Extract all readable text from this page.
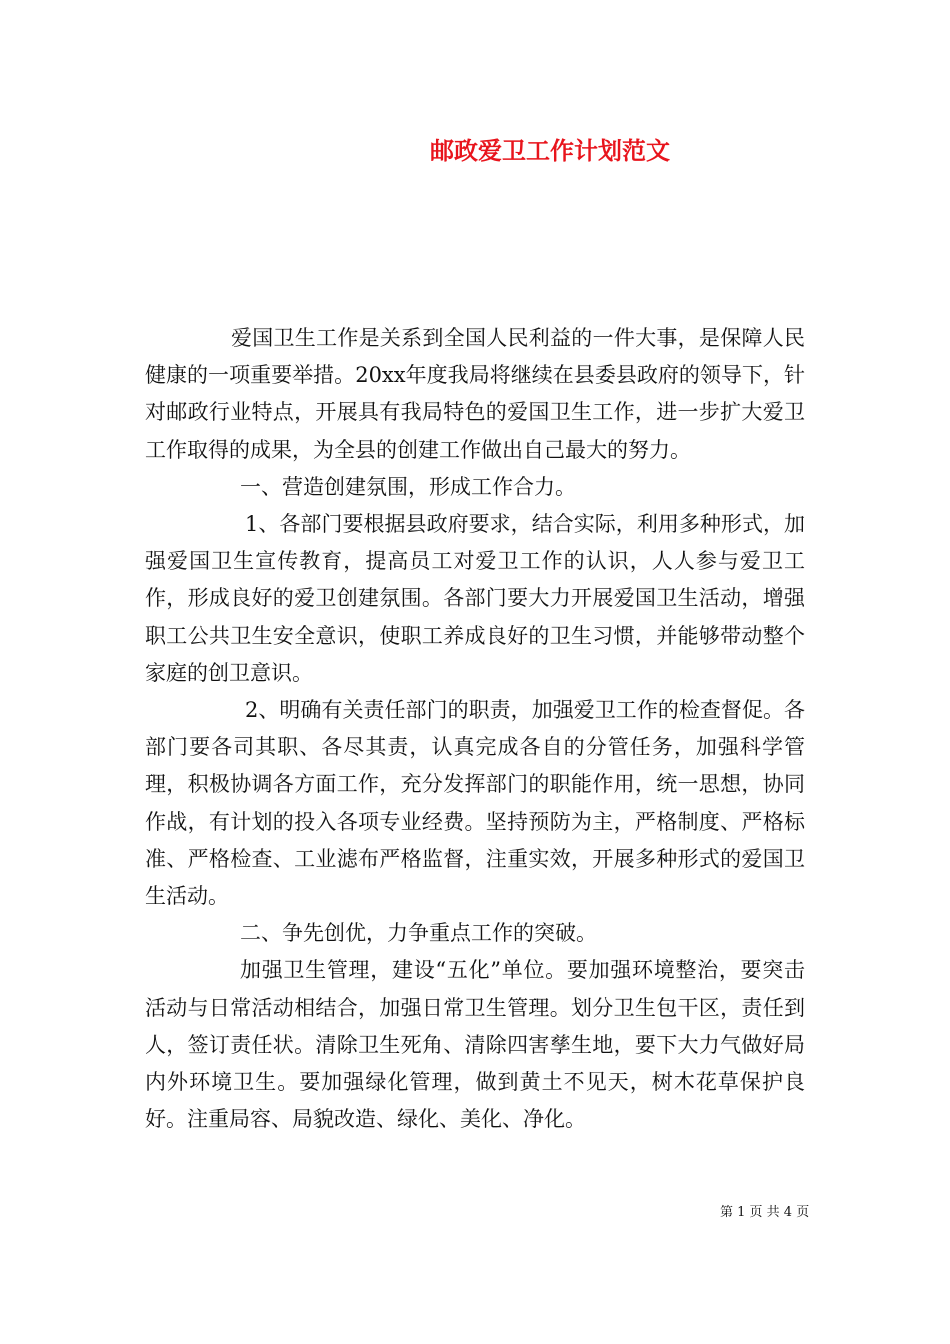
邮政爱卫工作计划范文

爱国卫生工作是关系到全国人民利益的一件大事，是保障人民健康的一项重要举措。20xx年度我局将继续在县委县政府的领导下，针对邮政行业特点，开展具有我局特色的爱国卫生工作，进一步扩大爱卫工作取得的成果，为全县的创建工作做出自己最大的努力。

一、营造创建氛围，形成工作合力。

1、各部门要根据县政府要求，结合实际，利用多种形式，加强爱国卫生宣传教育，提高员工对爱卫工作的认识，人人参与爱卫工作，形成良好的爱卫创建氛围。各部门要大力开展爱国卫生活动，增强职工公共卫生安全意识，使职工养成良好的卫生习惯，并能够带动整个家庭的创卫意识。

2、明确有关责任部门的职责，加强爱卫工作的检查督促。各部门要各司其职、各尽其责，认真完成各自的分管任务，加强科学管理，积极协调各方面工作，充分发挥部门的职能作用，统一思想，协同作战，有计划的投入各项专业经费。坚持预防为主，严格制度、严格标准、严格检查、工业滤布严格监督，注重实效，开展多种形式的爱国卫生活动。

二、争先创优，力争重点工作的突破。

加强卫生管理，建设“五化”单位。要加强环境整治，要突击活动与日常活动相结合，加强日常卫生管理。划分卫生包干区，责任到人，签订责任状。清除卫生死角、清除四害孳生地，要下大力气做好局内外环境卫生。要加强绿化管理，做到黄土不见天，树木花草保护良好。注重局容、局貌改造、绿化、美化、净化。

第 1 页 共 4 页
